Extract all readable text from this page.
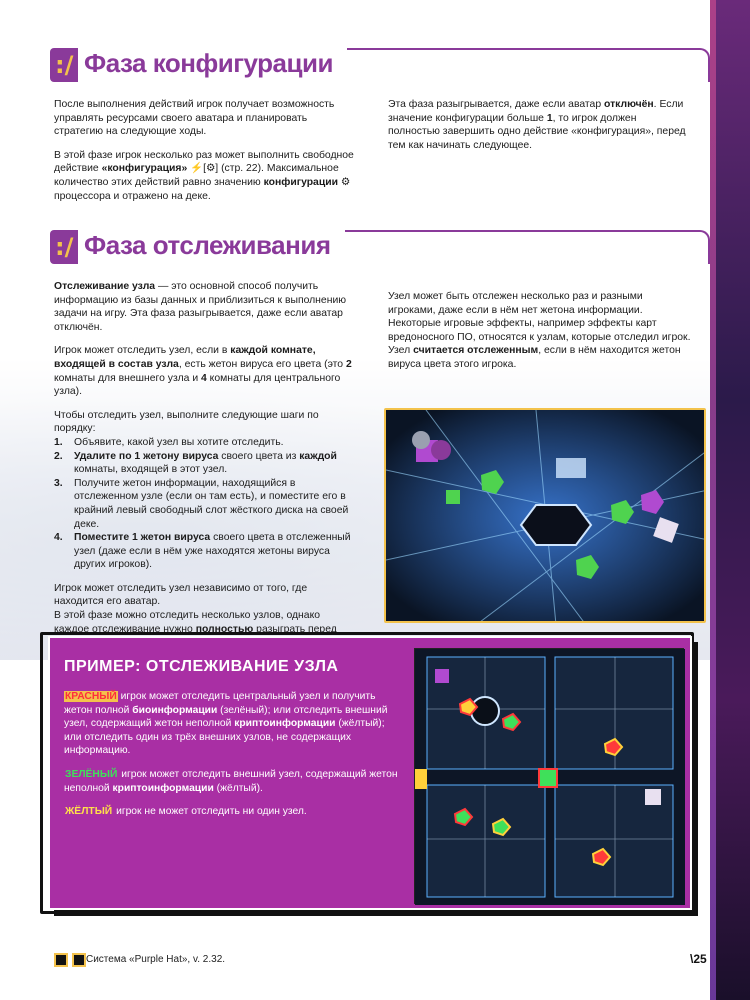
:/ Фаза конфигурации

После выполнения действий игрок получает возможность управлять ресурсами своего аватара и планировать стратегию на следующие ходы.

В этой фазе игрок несколько раз может выполнить свободное действие «конфигурация» ⚡[⚙] (стр. 22). Максимальное количество этих действий равно значению конфигурации ⚙ процессора и отражено на деке.

Эта фаза разыгрывается, даже если аватар отключён. Если значение конфигурации больше 1, то игрок должен полностью завершить одно действие «конфигурация», перед тем как начинать следующее.

:/ Фаза отслеживания

Отслеживание узла — это основной способ получить информацию из базы данных и приблизиться к выполнению задачи на игру. Эта фаза разыгрывается, даже если аватар отключён.

Игрок может отследить узел, если в каждой комнате, входящей в состав узла, есть жетон вируса его цвета (это 2 комнаты для внешнего узла и 4 комнаты для центрального узла).

Чтобы отследить узел, выполните следующие шаги по порядку:
1. Объявите, какой узел вы хотите отследить.
2. Удалите по 1 жетону вируса своего цвета из каждой комнаты, входящей в этот узел.
3. Получите жетон информации, находящийся в отслеженном узле (если он там есть), и поместите его в крайний левый свободный слот жёсткого диска на своей деке.
4. Поместите 1 жетон вируса своего цвета в отслеженный узел (даже если в нём уже находятся жетоны вируса других игроков).
Игрок может отследить узел независимо от того, где находится его аватар.
В этой фазе можно отследить несколько узлов, однако каждое отслеживание нужно полностью разыграть перед
Узел может быть отслежен несколько раз и разными игроками, даже если в нём нет жетона информации.
Некоторые игровые эффекты, например эффекты карт вредоносного ПО, относятся к узлам, которые отследил игрок.
Узел считается отслеженным, если в нём находится жетон вируса цвета этого игрока.
ПРИМЕР: ОТСЛЕЖИВАНИЕ УЗЛА

КРАСНЫЙ игрок может отследить центральный узел и получить жетон полной биоинформации (зелёный); или отследить внешний узел, содержащий жетон неполной криптоинформации (жёлтый); или отследить один из трёх внешних узлов, не содержащих информацию.

ЗЕЛЁНЫЙ игрок может отследить внешний узел, содержащий жетон неполной криптоинформации (жёлтый).

ЖЁЛТЫЙ игрок не может отследить ни один узел.

Система «Purple Hat», v. 2.32.	\25
